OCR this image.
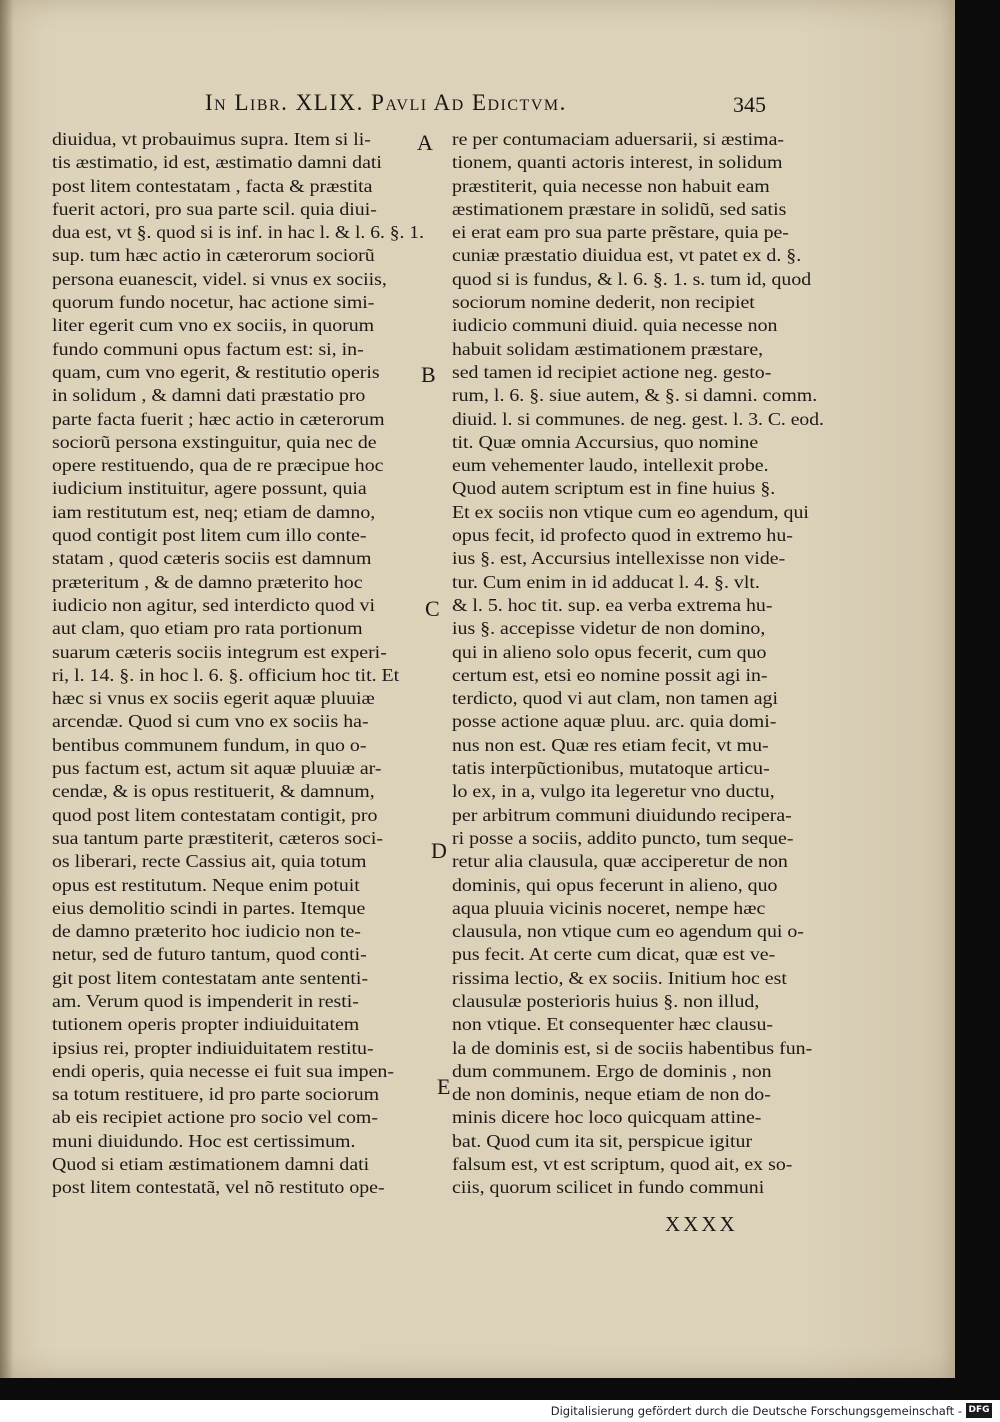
In Libr. XLIX. Pavli Ad Edictvm.	345
diuidua, vt probauimus supra. Item si li-
tis æstimatio, id est, æstimatio damni dati
post litem contestatam , facta & præstita
fuerit actori, pro sua parte scil. quia diui-
dua est, vt §. quod si is inf. in hac l. & l. 6. §. 1.
sup. tum hæc actio in cæterorum sociorũ
persona euanescit, videl. si vnus ex sociis,
quorum fundo nocetur, hac actione simi-
liter egerit cum vno ex sociis, in quorum
fundo communi opus factum est: si, in-
quam, cum vno egerit, & restitutio operis
in solidum , & damni dati præstatio pro
parte facta fuerit ; hæc actio in cæterorum
sociorũ persona exstinguitur, quia nec de
opere restituendo, qua de re præcipue hoc
iudicium instituitur, agere possunt, quia
iam restitutum est, neq; etiam de damno,
quod contigit post litem cum illo conte-
statam , quod cæteris sociis est damnum
præteritum , & de damno præterito hoc
iudicio non agitur, sed interdicto quod vi
aut clam, quo etiam pro rata portionum
suarum cæteris sociis integrum est experi-
ri, l. 14. §. in hoc l. 6. §. officium hoc tit. Et
hæc si vnus ex sociis egerit aquæ pluuiæ
arcendæ. Quod si cum vno ex sociis ha-
bentibus communem fundum, in quo o-
pus factum est, actum sit aquæ pluuiæ ar-
cendæ, & is opus restituerit, & damnum,
quod post litem contestatam contigit, pro
sua tantum parte præstiterit, cæteros soci-
os liberari, recte Cassius ait, quia totum
opus est restitutum. Neque enim potuit
eius demolitio scindi in partes. Itemque
de damno præterito hoc iudicio non te-
netur, sed de futuro tantum, quod conti-
git post litem contestatam ante sententi-
am. Verum quod is impenderit in resti-
tutionem operis propter indiuiduitatem
ipsius rei, propter indiuiduitatem restitu-
endi operis, quia necesse ei fuit sua impen-
sa totum restituere, id pro parte sociorum
ab eis recipiet actione pro socio vel com-
muni diuidundo. Hoc est certissimum.
Quod si etiam æstimationem damni dati
post litem contestatã, vel nõ restituto ope-
re per contumaciam aduersarii, si æstima-
tionem, quanti actoris interest, in solidum
præstiterit, quia necesse non habuit eam
æstimationem præstare in solidũ, sed satis
ei erat eam pro sua parte prẽstare, quia pe-
cuniæ præstatio diuidua est, vt patet ex d. §.
quod si is fundus, & l. 6. §. 1. s. tum id, quod
sociorum nomine dederit, non recipiet
iudicio communi diuid. quia necesse non
habuit solidam æstimationem præstare,
sed tamen id recipiet actione neg. gesto-
rum, l. 6. §. siue autem, & §. si damni. comm.
diuid. l. si communes. de neg. gest. l. 3. C. eod.
tit. Quæ omnia Accursius, quo nomine
eum vehementer laudo, intellexit probe.
Quod autem scriptum est in fine huius §.
Et ex sociis non vtique cum eo agendum, qui
opus fecit, id profecto quod in extremo hu-
ius §. est, Accursius intellexisse non vide-
tur. Cum enim in id adducat l. 4. §. vlt.
& l. 5. hoc tit. sup. ea verba extrema hu-
ius §. accepisse videtur de non domino,
qui in alieno solo opus fecerit, cum quo
certum est, etsi eo nomine possit agi in-
terdicto, quod vi aut clam, non tamen agi
posse actione aquæ pluu. arc. quia domi-
nus non est. Quæ res etiam fecit, vt mu-
tatis interpũctionibus, mutatoque articu-
lo ex, in a, vulgo ita legeretur vno ductu,
per arbitrum communi diuidundo recipera-
ri posse a sociis, addito puncto, tum seque-
retur alia clausula, quæ acciperetur de non
dominis, qui opus fecerunt in alieno, quo
aqua pluuia vicinis noceret, nempe hæc
clausula, non vtique cum eo agendum qui o-
pus fecit. At certe cum dicat, quæ est ve-
rissima lectio, & ex sociis. Initium hoc est
clausulæ posterioris huius §. non illud,
non vtique. Et consequenter hæc clausu-
la de dominis est, si de sociis habentibus fun-
dum communem. Ergo de dominis , non
de non dominis, neque etiam de non do-
minis dicere hoc loco quicquam attine-
bat. Quod cum ita sit, perspicue igitur
falsum est, vt est scriptum, quod ait, ex so-
ciis, quorum scilicet in fundo communi
A
B
C
D
E
XXXX
Digitalisierung gefördert durch die Deutsche Forschungsgemeinschaft - DFG
